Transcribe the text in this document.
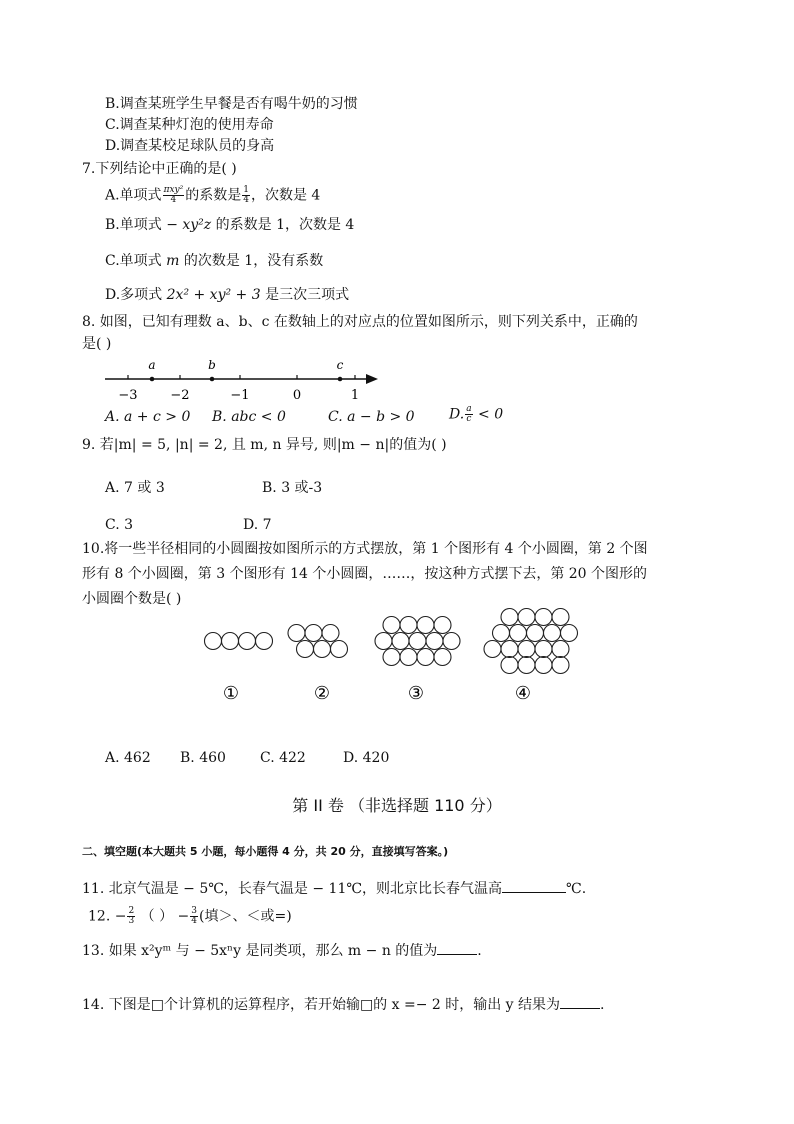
B.调查某班学生早餐是否有喝牛奶的习惯
C.调查某种灯泡的使用寿命
D.调查某校足球队员的身高
7.下列结论中正确的是( )
A.单项式 $\frac{\text{πxy²}}{4}$ 的系数是 $\frac{1}{4}$ ，次数是 4
B.单项式 − xy²z 的系数是 1，次数是 4
C.单项式 m 的次数是 1，没有系数
D.多项式 2x² + xy² + 3 是三次三项式
8. 如图，已知有理数 a、b、c 在数轴上的对应点的位置如图所示，则下列关系中，正确的
是( )
a	b	c
−3	−2	−1	0	1
A. a + c > 0 B. abc < 0	C. a − b > 0 D. $\frac{a}{c} < 0$
9. 若|m| = 5, |n| = 2, 且 m, n 异号, 则|m − n|的值为( )
A. 7 或 3	B. 3 或-3
C. 3	D. 7
10.将一些半径相同的小圆圈按如图所示的方式摆放，第 1 个图形有 4 个小圆圈，第 2 个图
形有 8 个小圆圈，第 3 个图形有 14 个小圆圈，……，按这种方式摆下去，第 20 个图形的
小圆圈个数是( )
①	②	③	④
A. 462 B. 460 C. 422	D. 420
第 II 卷 （非选择题 110 分）
二、填空题(本大题共 5 小题，每小题得 4 分，共 20 分，直接填写答案。)
11. 北京气温是 − 5℃，长春气温是 − 11℃，则北京比长春气温高	℃.
12. − $\frac{2}{3}$ （ ） − $\frac{3}{4}$ (填＞、＜或=)
13. 如果 x²yᵐ 与 − 5xⁿy 是同类项，那么 m − n 的值为	.
14. 下图是□个计算机的运算程序，若开始输□的 x =− 2 时，输出 y 结果为	.
